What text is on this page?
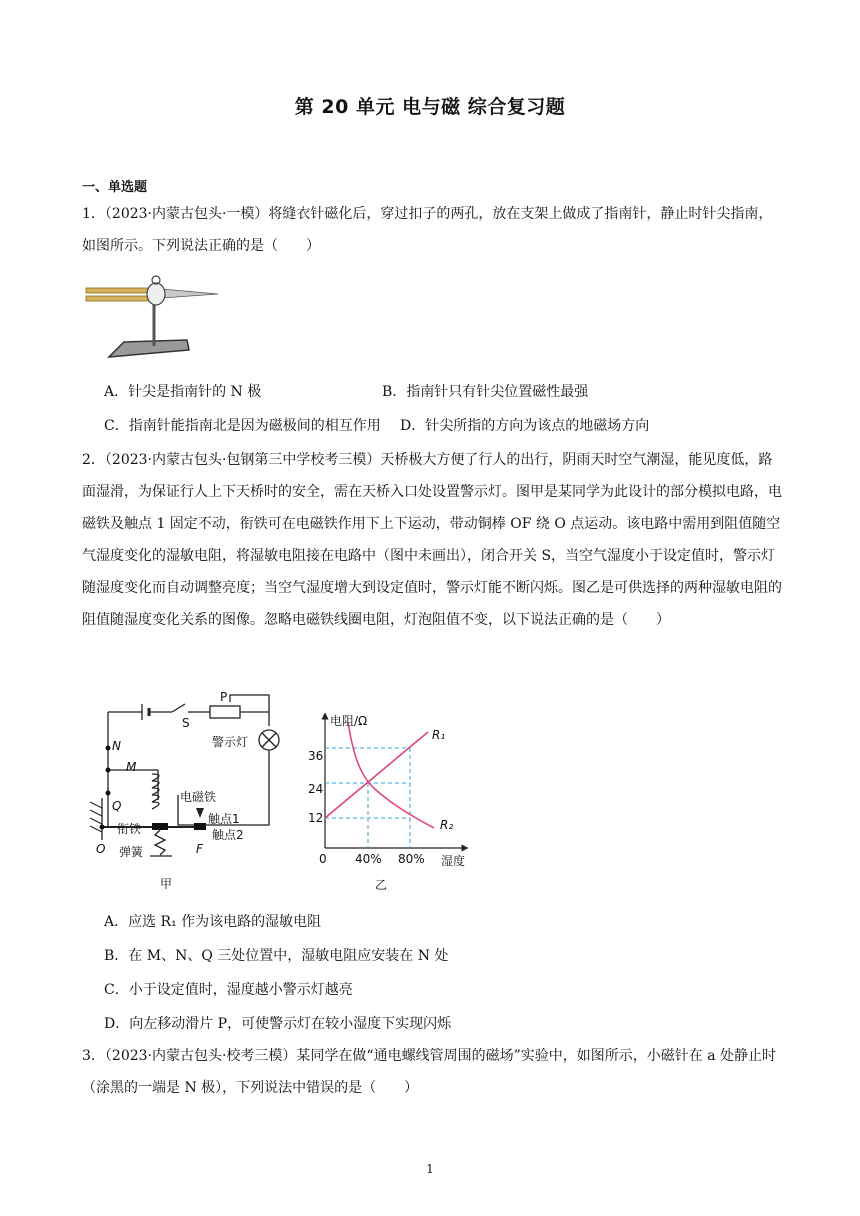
第 20 单元 电与磁 综合复习题
一、单选题
1．（2023·内蒙古包头·一模）将缝衣针磁化后，穿过扣子的两孔，放在支架上做成了指南针，静止时针尖指南，如图所示。下列说法正确的是（　　）
A．针尖是指南针的 N 极	B．指南针只有针尖位置磁性最强
C．指南针能指南北是因为磁极间的相互作用 D．针尖所指的方向为该点的地磁场方向
2．（2023·内蒙古包头·包钢第三中学校考三模）天桥极大方便了行人的出行，阴雨天时空气潮湿，能见度低，路面湿滑，为保证行人上下天桥时的安全，需在天桥入口处设置警示灯。图甲是某同学为此设计的部分模拟电路，电磁铁及触点 1 固定不动，衔铁可在电磁铁作用下上下运动，带动铜棒 OF 绕 O 点运动。该电路中需用到阻值随空气湿度变化的湿敏电阻，将湿敏电阻接在电路中（图中未画出），闭合开关 S，当空气湿度小于设定值时，警示灯随湿度变化而自动调整亮度；当空气湿度增大到设定值时，警示灯能不断闪烁。图乙是可供选择的两种湿敏电阻的阻值随湿度变化关系的图像。忽略电磁铁线圈电阻，灯泡阻值不变，以下说法正确的是（　　）
P
S
警示灯
N
M
Q
电磁铁
触点1
触点2
衔铁
O 弹簧	F
甲
电阻/Ω
36
24
12
0 40% 80% 湿度
R₁
R₂
乙
A．应选 R₁ 作为该电路的湿敏电阻
B．在 M、N、Q 三处位置中，湿敏电阻应安装在 N 处
C．小于设定值时，湿度越小警示灯越亮
D．向左移动滑片 P，可使警示灯在较小湿度下实现闪烁
3．（2023·内蒙古包头·校考三模）某同学在做“通电螺线管周围的磁场”实验中，如图所示，小磁针在 a 处静止时（涂黑的一端是 N 极），下列说法中错误的是（　　）
1
